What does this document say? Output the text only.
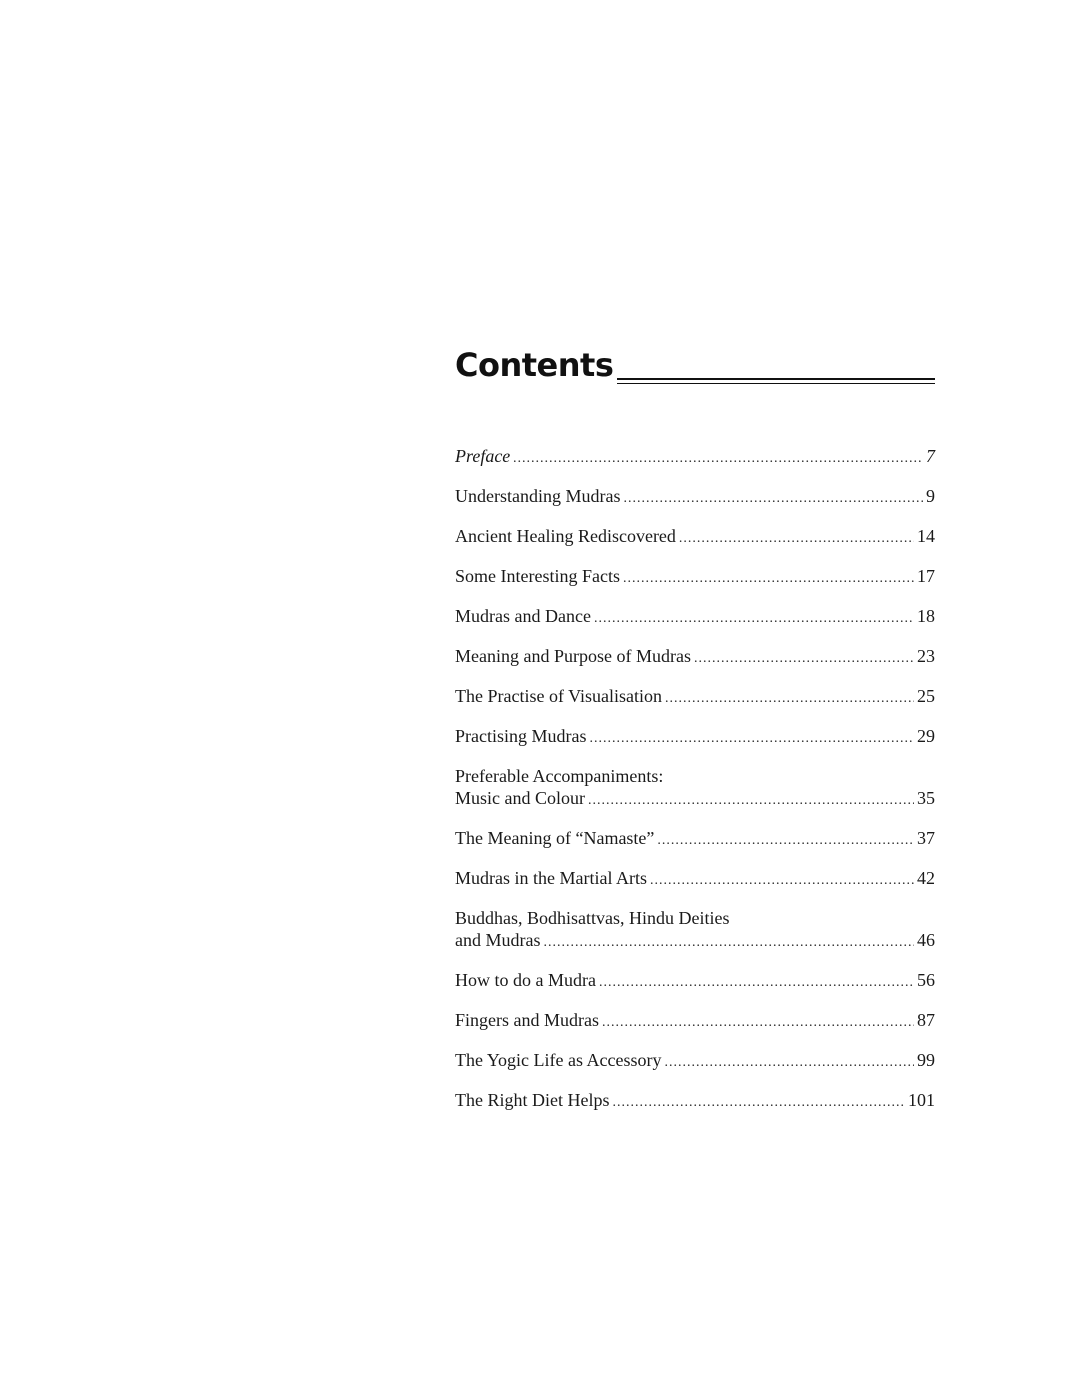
Contents
Preface .....	7
Understanding Mudras .....	9
Ancient Healing Rediscovered .....	14
Some Interesting Facts .....	17
Mudras and Dance .....	18
Meaning and Purpose of Mudras .....	23
The Practise of Visualisation .....	25
Practising Mudras .....	29
Preferable Accompaniments:
Music and Colour .....	35
The Meaning of “Namaste” .....	37
Mudras in the Martial Arts .....	42
Buddhas, Bodhisattvas, Hindu Deities
and Mudras .....	46
How to do a Mudra .....	56
Fingers and Mudras .....	87
The Yogic Life as Accessory .....	99
The Right Diet Helps .....	101
